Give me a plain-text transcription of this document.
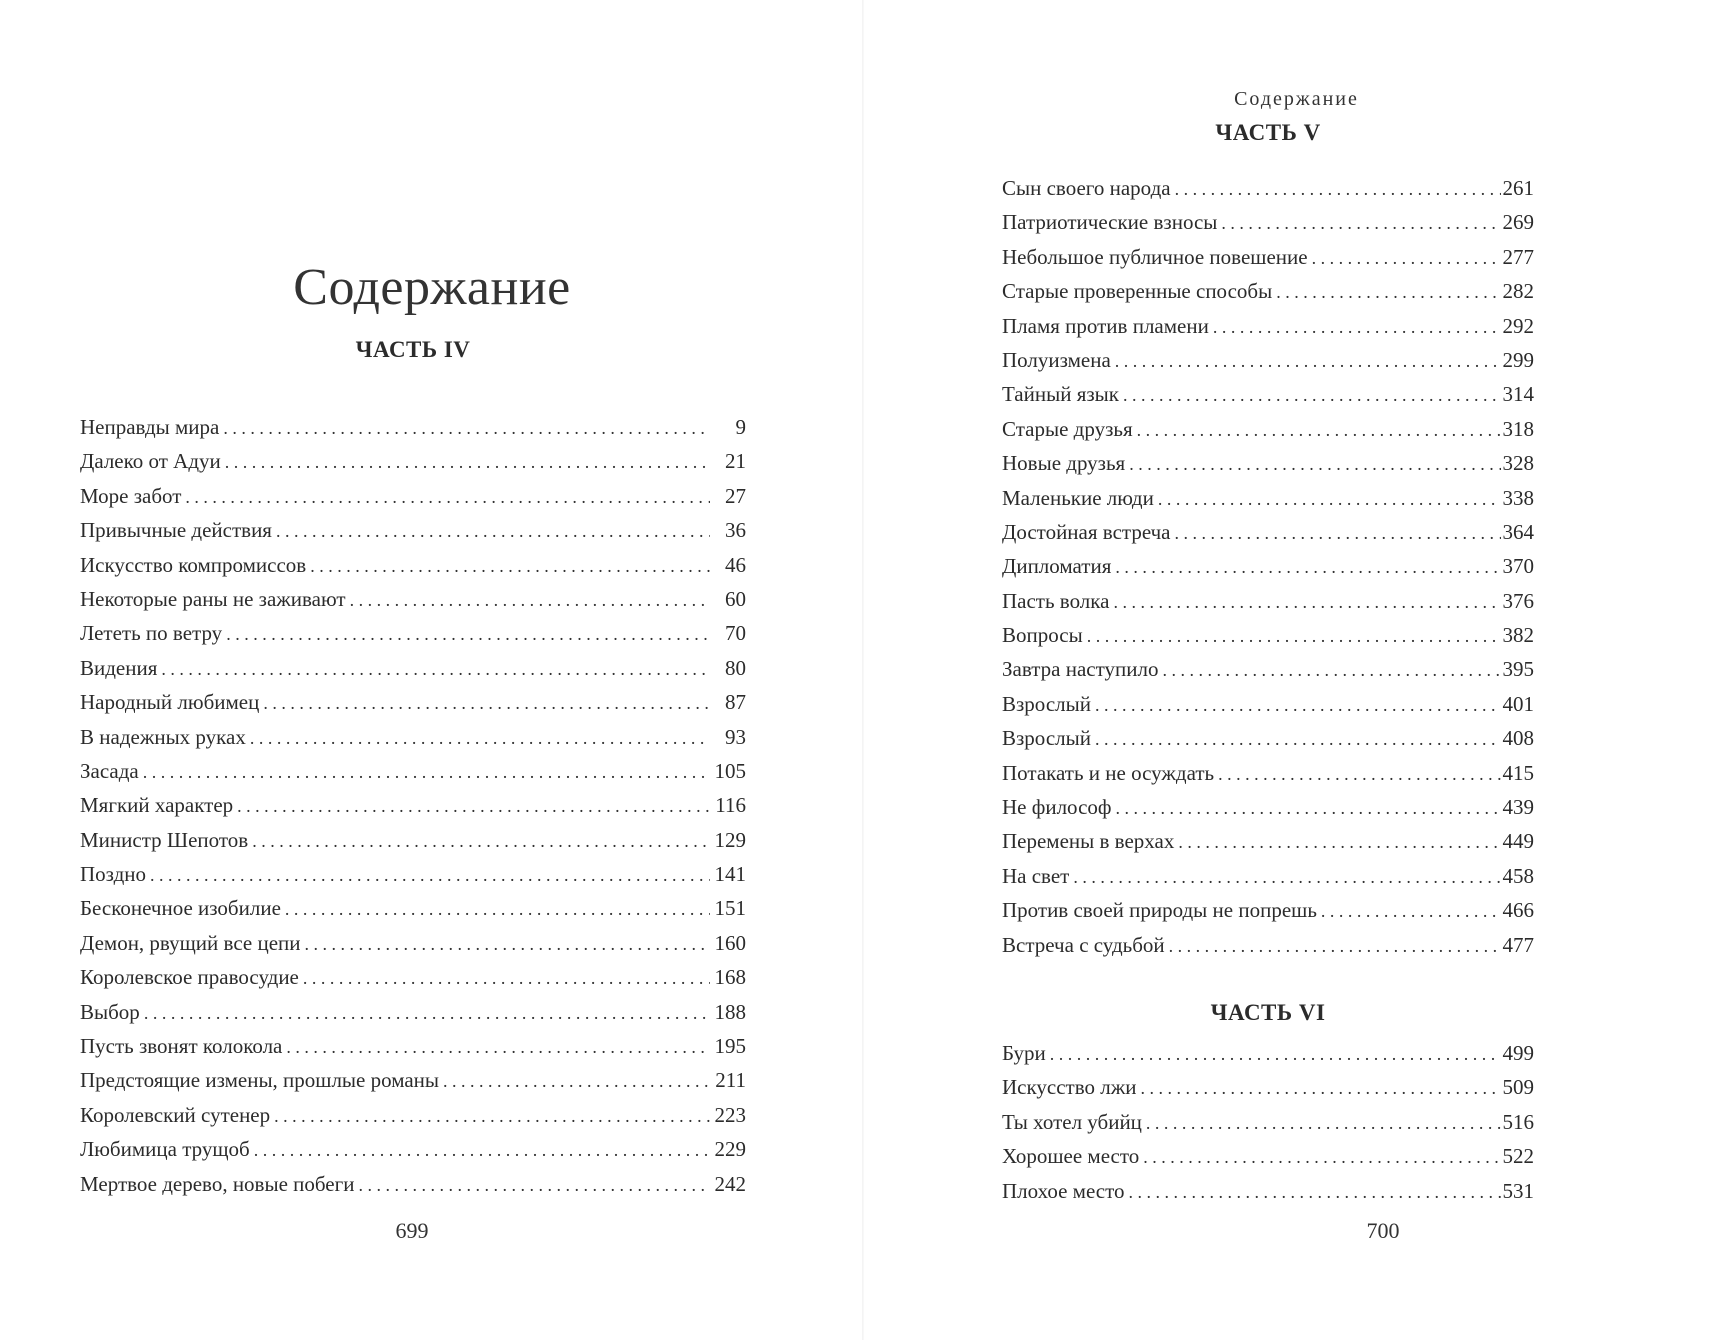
Содержание
ЧАСТЬ IV
Неправды мира . . .	9
Далеко от Адуи . . .	21
Море забот . . .	27
Привычные действия . . .	36
Искусство компромиссов . . .	46
Некоторые раны не заживают . . .	60
Лететь по ветру . . .	70
Видения . . .	80
Народный любимец . . .	87
В надежных руках . . .	93
Засада . . .	105
Мягкий характер . . .	116
Министр Шепотов . . .	129
Поздно . . .	141
Бесконечное изобилие . . .	151
Демон, рвущий все цепи . . .	160
Королевское правосудие . . .	168
Выбор . . .	188
Пусть звонят колокола . . .	195
Предстоящие измены, прошлые романы . . .	211
Королевский сутенер . . .	223
Любимица трущоб . . .	229
Мертвое дерево, новые побеги . . .	242
699
Содержание
ЧАСТЬ V
Сын своего народа . . .	261
Патриотические взносы . . .	269
Небольшое публичное повешение . . .	277
Старые проверенные способы . . .	282
Пламя против пламени . . .	292
Полуизмена . . .	299
Тайный язык . . .	314
Старые друзья . . .	318
Новые друзья . . .	328
Маленькие люди . . .	338
Достойная встреча . . .	364
Дипломатия . . .	370
Пасть волка . . .	376
Вопросы . . .	382
Завтра наступило . . .	395
Взрослый . . .	401
Взрослый . . .	408
Потакать и не осуждать . . .	415
Не философ . . .	439
Перемены в верхах . . .	449
На свет . . .	458
Против своей природы не попрешь . . .	466
Встреча с судьбой . . .	477
ЧАСТЬ VI
Бури . . .	499
Искусство лжи . . .	509
Ты хотел убийц . . .	516
Хорошее место . . .	522
Плохое место . . .	531
700
